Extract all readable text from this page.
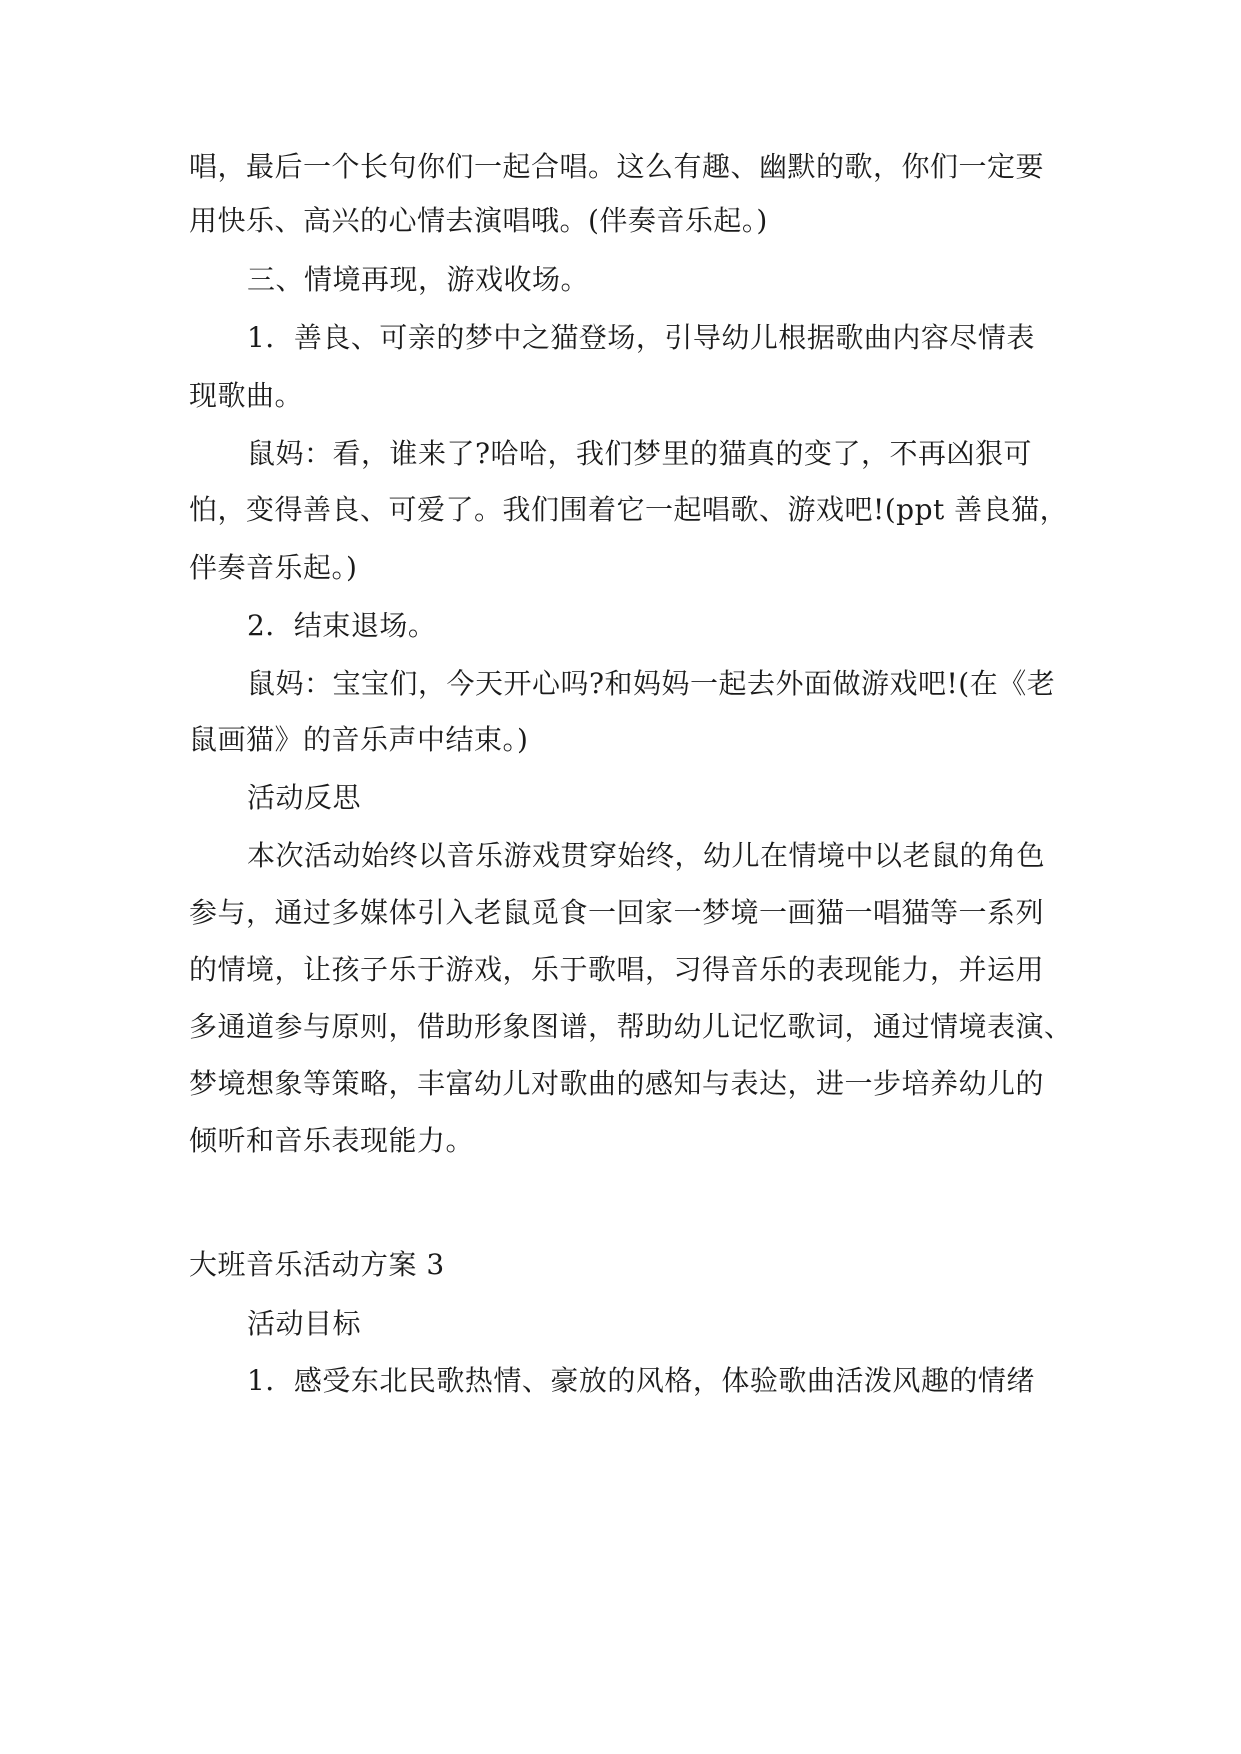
唱，最后一个长句你们一起合唱。这么有趣、幽默的歌，你们一定要
用快乐、高兴的心情去演唱哦。(伴奏音乐起。)
三、情境再现，游戏收场。
1．善良、可亲的梦中之猫登场，引导幼儿根据歌曲内容尽情表
现歌曲。
鼠妈：看，谁来了?哈哈，我们梦里的猫真的变了，不再凶狠可
怕，变得善良、可爱了。我们围着它一起唱歌、游戏吧!(ppt 善良猫，
伴奏音乐起。)
2．结束退场。
鼠妈：宝宝们，今天开心吗?和妈妈一起去外面做游戏吧!(在《老
鼠画猫》的音乐声中结束。)
活动反思
本次活动始终以音乐游戏贯穿始终，幼儿在情境中以老鼠的角色
参与，通过多媒体引入老鼠觅食一回家一梦境一画猫一唱猫等一系列
的情境，让孩子乐于游戏，乐于歌唱，习得音乐的表现能力，并运用
多通道参与原则，借助形象图谱，帮助幼儿记忆歌词，通过情境表演、
梦境想象等策略，丰富幼儿对歌曲的感知与表达，进一步培养幼儿的
倾听和音乐表现能力。
大班音乐活动方案 3
活动目标
1．感受东北民歌热情、豪放的风格，体验歌曲活泼风趣的情绪
